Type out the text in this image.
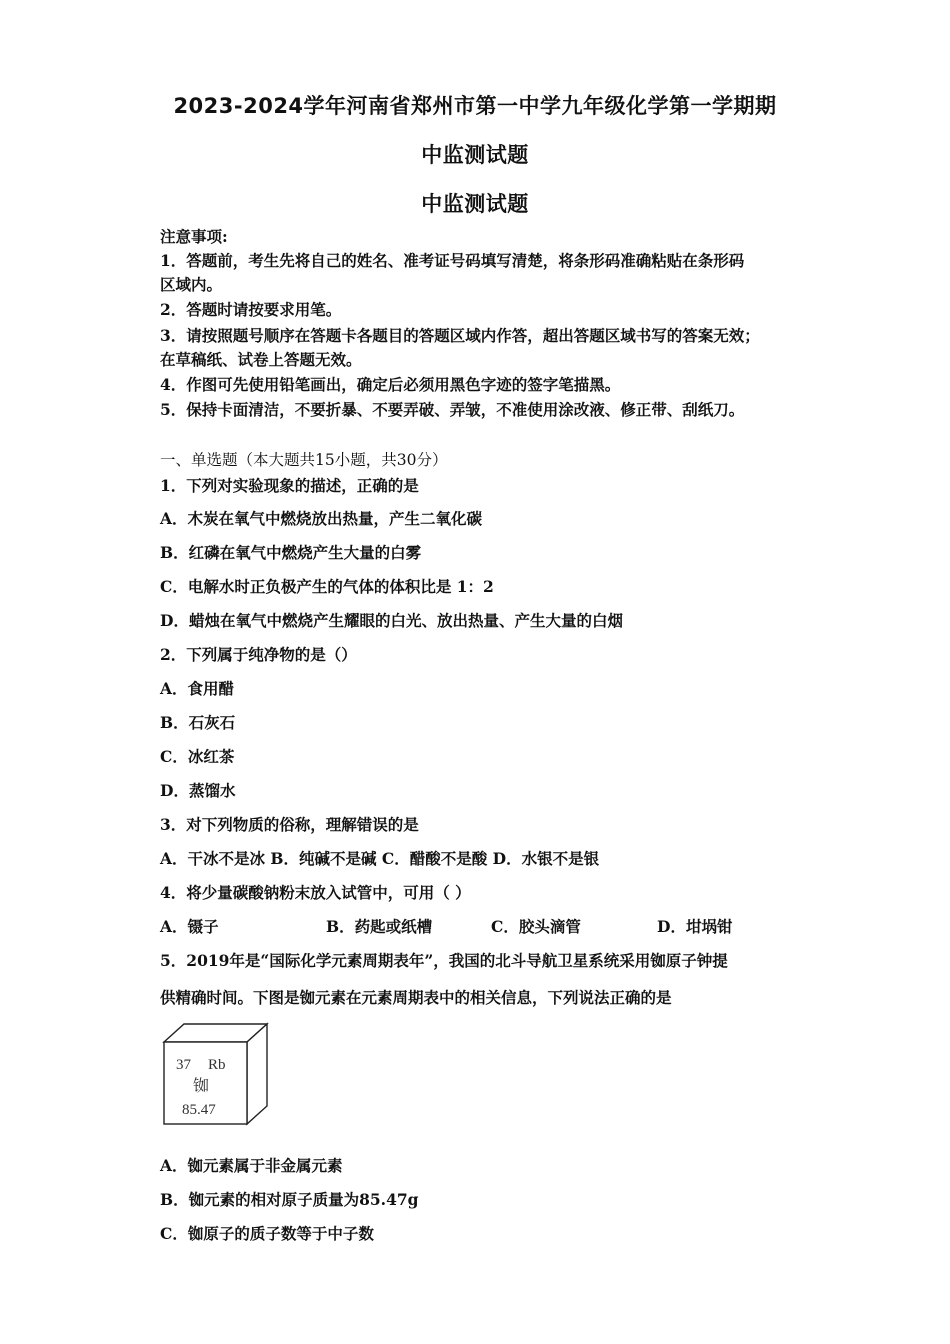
2023-2024学年河南省郑州市第一中学九年级化学第一学期期
中监测试题
中监测试题
注意事项:
1．答题前，考生先将自己的姓名、准考证号码填写清楚，将条形码准确粘贴在条形码
区域内。
2．答题时请按要求用笔。
3．请按照题号顺序在答题卡各题目的答题区域内作答，超出答题区域书写的答案无效；
在草稿纸、试卷上答题无效。
4．作图可先使用铅笔画出，确定后必须用黑色字迹的签字笔描黑。
5．保持卡面清洁，不要折暴、不要弄破、弄皱，不准使用涂改液、修正带、刮纸刀。
一、单选题（本大题共15小题，共30分）
1．下列对实验现象的描述，正确的是
A．木炭在氧气中燃烧放出热量，产生二氧化碳
B．红磷在氧气中燃烧产生大量的白雾
C．电解水时正负极产生的气体的体积比是 1：2
D．蜡烛在氧气中燃烧产生耀眼的白光、放出热量、产生大量的白烟
2．下列属于纯净物的是（）
A．食用醋
B．石灰石
C．冰红茶
D．蒸馏水
3．对下列物质的俗称，理解错误的是
A．干冰不是冰 B．纯碱不是碱 C．醋酸不是酸 D．水银不是银
4．将少量碳酸钠粉末放入试管中，可用（ ）
A．镊子	B．药匙或纸槽	C．胶头滴管	D．坩埚钳
5．2019年是“国际化学元素周期表年”，我国的北斗导航卫星系统采用铷原子钟提
供精确时间。下图是铷元素在元素周期表中的相关信息，下列说法正确的是
37 Rb
铷
85.47
A．铷元素属于非金属元素
B．铷元素的相对原子质量为85.47g
C．铷原子的质子数等于中子数
